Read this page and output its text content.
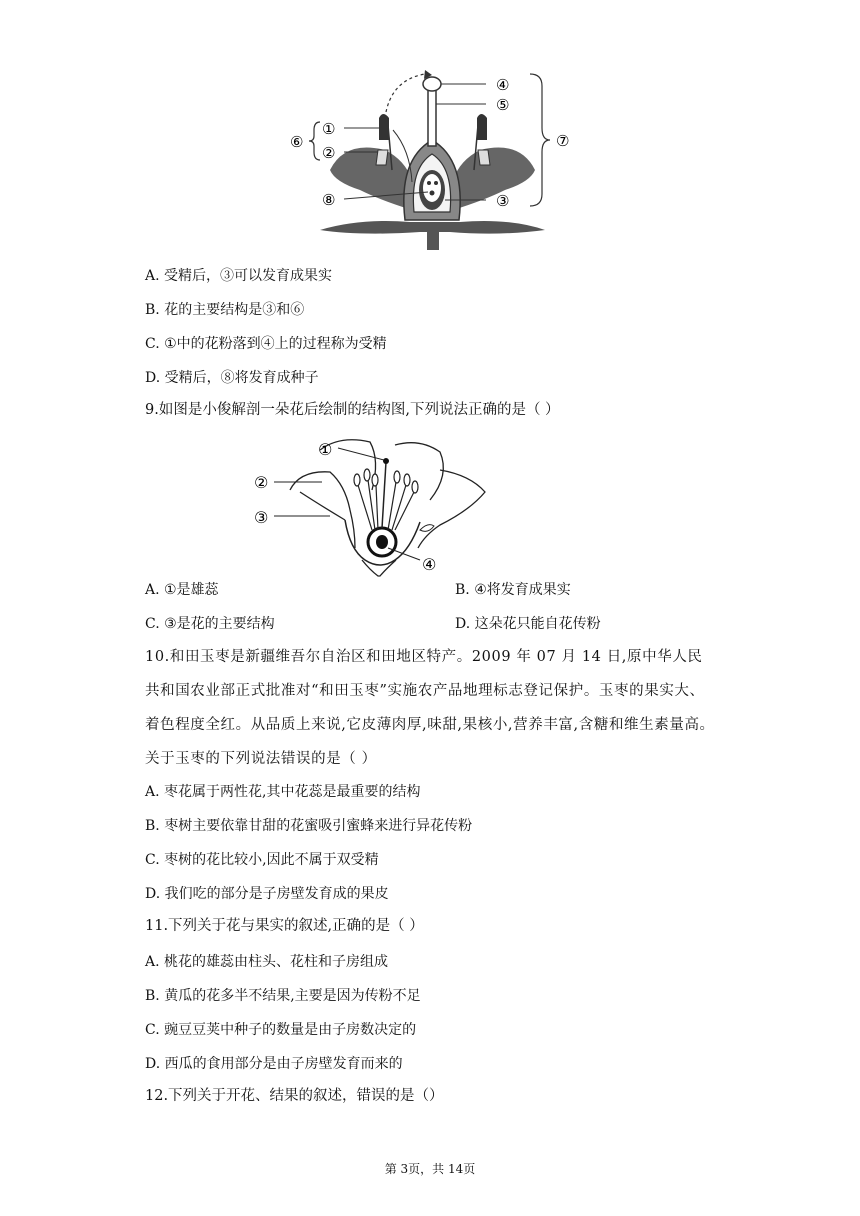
④
⑤
⑥
①
②
⑧	③
⑦
A. 受精后，③可以发育成果实
B. 花的主要结构是③和⑥
C. ①中的花粉落到④上的过程称为受精
D. 受精后，⑧将发育成种子
9.如图是小俊解剖一朵花后绘制的结构图,下列说法正确的是（ ）
①
②
③
④
A. ①是雄蕊	B. ④将发育成果实
C. ③是花的主要结构	D. 这朵花只能自花传粉
10.和田玉枣是新疆维吾尔自治区和田地区特产。2009 年 07 月 14 日,原中华人民共和国农业部正式批准对“和田玉枣”实施农产品地理标志登记保护。玉枣的果实大、着色程度全红。从品质上来说,它皮薄肉厚,味甜,果核小,营养丰富,含糖和维生素量高。关于玉枣的下列说法错误的是（ ）
A. 枣花属于两性花,其中花蕊是最重要的结构
B. 枣树主要依靠甘甜的花蜜吸引蜜蜂来进行异花传粉
C. 枣树的花比较小,因此不属于双受精
D. 我们吃的部分是子房壁发育成的果皮
11.下列关于花与果实的叙述,正确的是（ ）
A. 桃花的雄蕊由柱头、花柱和子房组成
B. 黄瓜的花多半不结果,主要是因为传粉不足
C. 豌豆豆荚中种子的数量是由子房数决定的
D. 西瓜的食用部分是由子房壁发育而来的
12.下列关于开花、结果的叙述，错误的是（）
第 3页，共 14页
